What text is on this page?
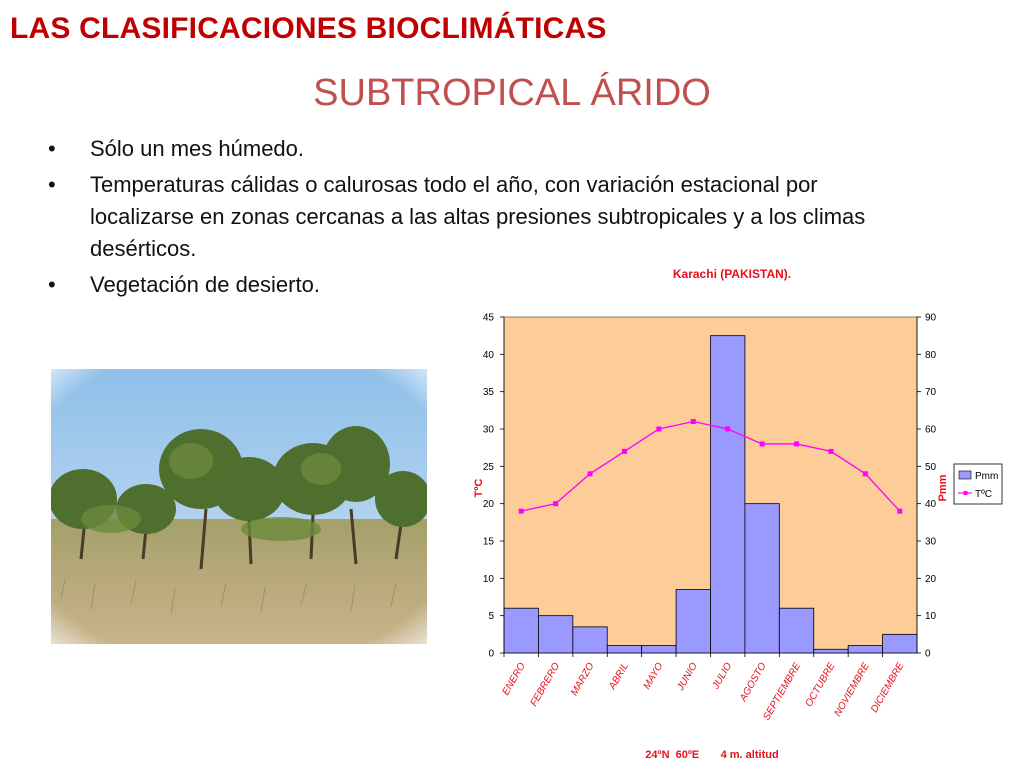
LAS CLASIFICACIONES BIOCLIMÁTICAS
SUBTROPICAL ÁRIDO
• Sólo un mes húmedo.
• Temperaturas cálidas o calurosas todo el año, con variación estacional por localizarse en zonas cercanas a las altas presiones subtropicales y a los climas desérticos.
• Vegetación de desierto.	Karachi (PAKISTAN).
0
5
10
15
20
25
30
35
40
45
0
10
20
30
40
50
60
70
80
90
ENERO FEBRERO MARZO ABRIL MAYO JUNIO JULIO AGOSTO
SEPTIEMBRE OCTUBRE
NOVIEMBRE
DICIEMBRE
TºC	Pmm	Pmm
TºC
24ºN  60ºE       4 m. altitud
